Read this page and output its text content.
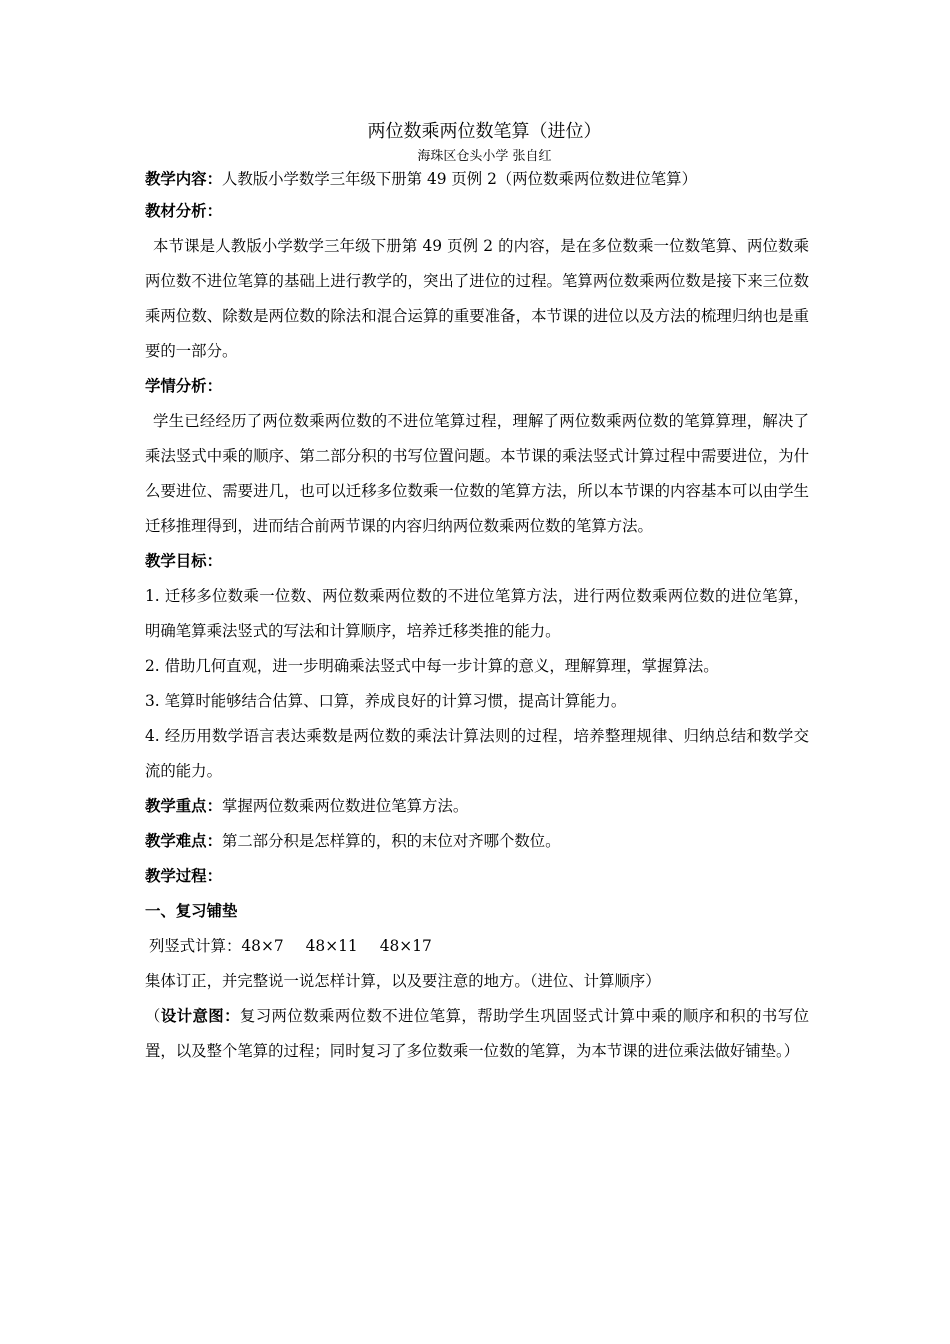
两位数乘两位数笔算（进位）
海珠区仓头小学 张自红
教学内容：人教版小学数学三年级下册第 49 页例 2（两位数乘两位数进位笔算）
教材分析：
本节课是人教版小学数学三年级下册第 49 页例 2 的内容，是在多位数乘一位数笔算、两位数乘两位数不进位笔算的基础上进行教学的，突出了进位的过程。笔算两位数乘两位数是接下来三位数乘两位数、除数是两位数的除法和混合运算的重要准备，本节课的进位以及方法的梳理归纳也是重要的一部分。
学情分析：
学生已经经历了两位数乘两位数的不进位笔算过程，理解了两位数乘两位数的笔算算理，解决了乘法竖式中乘的顺序、第二部分积的书写位置问题。本节课的乘法竖式计算过程中需要进位，为什么要进位、需要进几，也可以迁移多位数乘一位数的笔算方法，所以本节课的内容基本可以由学生迁移推理得到，进而结合前两节课的内容归纳两位数乘两位数的笔算方法。
教学目标：
1. 迁移多位数乘一位数、两位数乘两位数的不进位笔算方法，进行两位数乘两位数的进位笔算，明确笔算乘法竖式的写法和计算顺序，培养迁移类推的能力。
2. 借助几何直观，进一步明确乘法竖式中每一步计算的意义，理解算理，掌握算法。
3. 笔算时能够结合估算、口算，养成良好的计算习惯，提高计算能力。
4. 经历用数学语言表达乘数是两位数的乘法计算法则的过程，培养整理规律、归纳总结和数学交流的能力。
教学重点：掌握两位数乘两位数进位笔算方法。
教学难点：第二部分积是怎样算的，积的末位对齐哪个数位。
教学过程：
一、复习铺垫
列竖式计算：48×7 48×11 48×17
集体订正，并完整说一说怎样计算，以及要注意的地方。（进位、计算顺序）
（设计意图：复习两位数乘两位数不进位笔算，帮助学生巩固竖式计算中乘的顺序和积的书写位置，以及整个笔算的过程；同时复习了多位数乘一位数的笔算，为本节课的进位乘法做好铺垫。）
